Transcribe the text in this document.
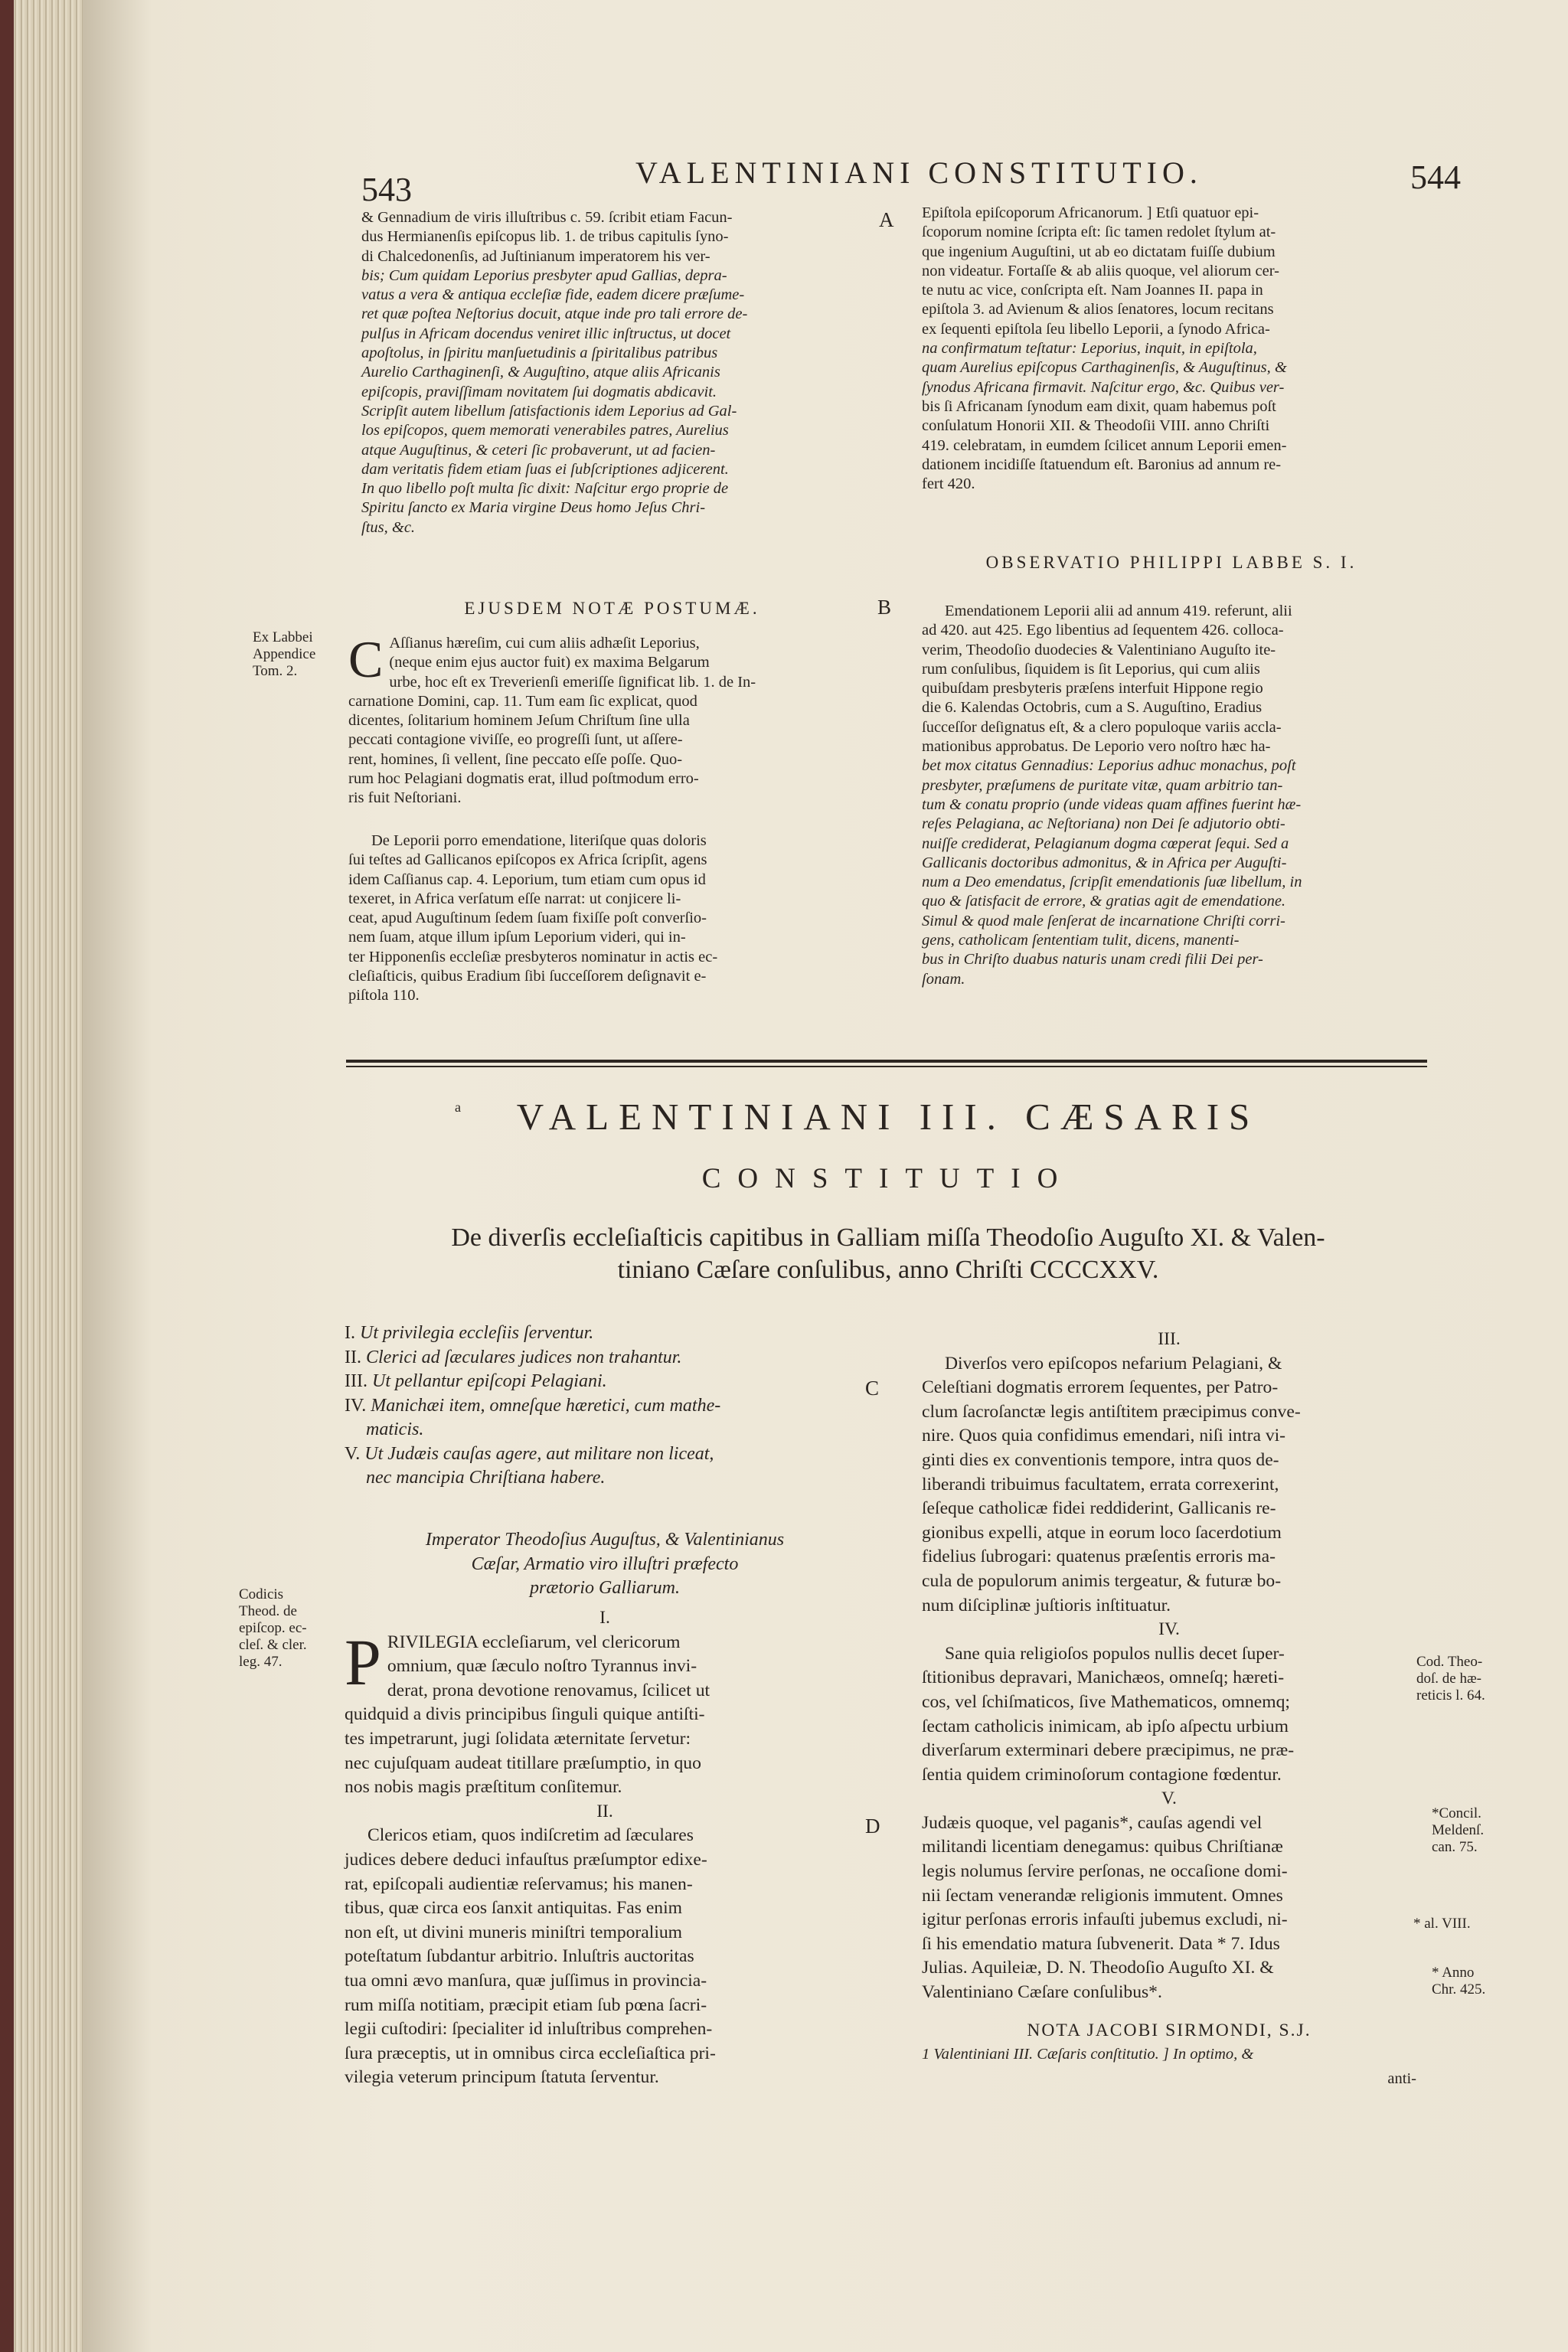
543	VALENTINIANI CONSTITUTIO.	544
& Gennadium de viris illuſtribus c. 59. ſcribit etiam Facun-
dus Hermianenſis epiſcopus lib. 1. de tribus capitulis ſyno-
di Chalcedonenſis, ad Juſtinianum imperatorem his ver-
bis; Cum quidam Leporius presbyter apud Gallias, depra-
vatus a vera & antiqua eccleſiæ fide, eadem dicere præſume-
ret quæ poſtea Neſtorius docuit, atque inde pro tali errore de-
pulſus in Africam docendus veniret illic inſtructus, ut docet
apoſtolus, in ſpiritu manſuetudinis a ſpiritalibus patribus
Aurelio Carthaginenſi, & Auguſtino, atque aliis Africanis
epiſcopis, praviſſimam novitatem ſui dogmatis abdicavit.
Scripſit autem libellum ſatisfactionis idem Leporius ad Gal-
los epiſcopos, quem memorati venerabiles patres, Aurelius
atque Auguſtinus, & ceteri ſic probaverunt, ut ad facien-
dam veritatis fidem etiam ſuas ei ſubſcriptiones adjicerent.
In quo libello poſt multa ſic dixit: Naſcitur ergo proprie de
Spiritu ſancto ex Maria virgine Deus homo Jeſus Chri-
ſtus, &c.
EJUSDEM NOTÆ POSTUMÆ.
C Aſſianus hæreſim, cui cum aliis adhæſit Leporius,
(neque enim ejus auctor fuit) ex maxima Belgarum
urbe, hoc eſt ex Treverienſi emeriſſe ſignificat lib. 1. de In-
carnatione Domini, cap. 11. Tum eam ſic explicat, quod
dicentes, ſolitarium hominem Jeſum Chriſtum ſine ulla
peccati contagione viviſſe, eo progreſſi ſunt, ut aſſere-
rent, homines, ſi vellent, ſine peccato eſſe poſſe. Quo-
rum hoc Pelagiani dogmatis erat, illud poſtmodum erro-
ris fuit Neſtoriani.
De Leporii porro emendatione, literiſque quas doloris
ſui teſtes ad Gallicanos epiſcopos ex Africa ſcripſit, agens
idem Caſſianus cap. 4. Leporium, tum etiam cum opus id
texeret, in Africa verſatum eſſe narrat: ut conjicere li-
ceat, apud Auguſtinum ſedem ſuam fixiſſe poſt converſio-
nem ſuam, atque illum ipſum Leporium videri, qui in-
ter Hipponenſis eccleſiæ presbyteros nominatur in actis ec-
cleſiaſticis, quibus Eradium ſibi ſucceſſorem deſignavit e-
piſtola 110.
Epiſtola epiſcoporum Africanorum. ] Etſi quatuor epi-
ſcoporum nomine ſcripta eſt: ſic tamen redolet ſtylum at-
que ingenium Auguſtini, ut ab eo dictatam fuiſſe dubium
non videatur. Fortaſſe & ab aliis quoque, vel aliorum cer-
te nutu ac vice, conſcripta eſt. Nam Joannes II. papa in
epiſtola 3. ad Avienum & alios ſenatores, locum recitans
ex ſequenti epiſtola ſeu libello Leporii, a ſynodo Africa-
na confirmatum teſtatur: Leporius, inquit, in epiſtola,
quam Aurelius epiſcopus Carthaginenſis, & Auguſtinus, &
ſynodus Africana firmavit. Naſcitur ergo, &c. Quibus ver-
bis ſi Africanam ſynodum eam dixit, quam habemus poſt
conſulatum Honorii XII. & Theodoſii VIII. anno Chriſti
419. celebratam, in eumdem ſcilicet annum Leporii emen-
dationem incidiſſe ſtatuendum eſt. Baronius ad annum re-
fert 420.
OBSERVATIO PHILIPPI LABBE S. I.
Emendationem Leporii alii ad annum 419. referunt, alii
ad 420. aut 425. Ego libentius ad ſequentem 426. colloca-
verim, Theodoſio duodecies & Valentiniano Auguſto ite-
rum conſulibus, ſiquidem is ſit Leporius, qui cum aliis
quibuſdam presbyteris præſens interfuit Hippone regio
die 6. Kalendas Octobris, cum a S. Auguſtino, Eradius
ſucceſſor deſignatus eſt, & a clero populoque variis accla-
mationibus approbatus. De Leporio vero noſtro hæc ha-
bet mox citatus Gennadius: Leporius adhuc monachus, poſt
presbyter, præſumens de puritate vitæ, quam arbitrio tan-
tum & conatu proprio (unde videas quam affines fuerint hæ-
reſes Pelagiana, ac Neſtoriana) non Dei ſe adjutorio obti-
nuiſſe crediderat, Pelagianum dogma cœperat ſequi. Sed a
Gallicanis doctoribus admonitus, & in Africa per Auguſti-
num a Deo emendatus, ſcripſit emendationis ſuæ libellum, in
quo & ſatisfacit de errore, & gratias agit de emendatione.
Simul & quod male ſenſerat de incarnatione Chriſti corri-
gens, catholicam ſententiam tulit, dicens, manenti-
bus in Chriſto duabus naturis unam credi filii Dei per-
ſonam.
A
B
C
D
Ex Labbei
Appendice
Tom. 2.
Codicis
Theod. de
epiſcop. ec-
cleſ. & cler.
leg. 47.	Cod. Theo-
doſ. de hæ-
reticis l. 64.
*Concil.
Meldenſ.
can. 75.
* al. VIII.
* Anno
Chr. 425.
a	VALENTINIANI III. CÆSARIS
CONSTITUTIO
De diverſis eccleſiaſticis capitibus in Galliam miſſa Theodoſio Auguſto XI. & Valen-
tiniano Cæſare conſulibus, anno Chriſti CCCCXXV.
I. Ut privilegia eccleſiis ſerventur.
II. Clerici ad ſæculares judices non trahantur.
III. Ut pellantur epiſcopi Pelagiani.
IV. Manichæi item, omneſque hæretici, cum mathe-
maticis.
V. Ut Judæis cauſas agere, aut militare non liceat,
nec mancipia Chriſtiana habere.
Imperator Theodoſius Auguſtus, & Valentinianus
Cæſar, Armatio viro illuſtri præfecto
prætorio Galliarum.
I.
P RIVILEGIA eccleſiarum, vel clericorum
omnium, quæ ſæculo noſtro Tyrannus invi-
derat, prona devotione renovamus, ſcilicet ut
quidquid a divis principibus ſinguli quique antiſti-
tes impetrarunt, jugi ſolidata æternitate ſervetur:
nec cujuſquam audeat titillare præſumptio, in quo
nos nobis magis præſtitum conſitemur.
II.
Clericos etiam, quos indiſcretim ad ſæculares
judices debere deduci infauſtus præſumptor edixe-
rat, epiſcopali audientiæ reſervamus; his manen-
tibus, quæ circa eos ſanxit antiquitas. Fas enim
non eſt, ut divini muneris miniſtri temporalium
poteſtatum ſubdantur arbitrio. Inluſtris auctoritas
tua omni ævo manſura, quæ juſſimus in provincia-
rum miſſa notitiam, præcipit etiam ſub pœna ſacri-
legii cuſtodiri: ſpecialiter id inluſtribus comprehen-
ſura præceptis, ut in omnibus circa eccleſiaſtica pri-
vilegia veterum principum ſtatuta ſerventur.
III.
Diverſos vero epiſcopos nefarium Pelagiani, &
Celeſtiani dogmatis errorem ſequentes, per Patro-
clum ſacroſanctæ legis antiſtitem præcipimus conve-
nire. Quos quia confidimus emendari, niſi intra vi-
ginti dies ex conventionis tempore, intra quos de-
liberandi tribuimus facultatem, errata correxerint,
ſeſeque catholicæ fidei reddiderint, Gallicanis re-
gionibus expelli, atque in eorum loco ſacerdotium
fidelius ſubrogari: quatenus præſentis erroris ma-
cula de populorum animis tergeatur, & futuræ bo-
num diſciplinæ juſtioris inſtituatur.
IV.
Sane quia religioſos populos nullis decet ſuper-
ſtitionibus depravari, Manichæos, omneſq; hæreti-
cos, vel ſchiſmaticos, ſive Mathematicos, omnemq;
ſectam catholicis inimicam, ab ipſo aſpectu urbium
diverſarum exterminari debere præcipimus, ne præ-
ſentia quidem criminoſorum contagione fœdentur.
V.
Judæis quoque, vel paganis*, cauſas agendi vel
militandi licentiam denegamus: quibus Chriſtianæ
legis nolumus ſervire perſonas, ne occaſione domi-
nii ſectam venerandæ religionis immutent. Omnes
igitur perſonas erroris infauſti jubemus excludi, ni-
ſi his emendatio matura ſubvenerit. Data * 7. Idus
Julias. Aquileiæ, D. N. Theodoſio Auguſto XI. &
Valentiniano Cæſare conſulibus*.
NOTA JACOBI SIRMONDI, S.J.
1 Valentiniani III. Cæſaris conſtitutio. ] In optimo, &
anti-
